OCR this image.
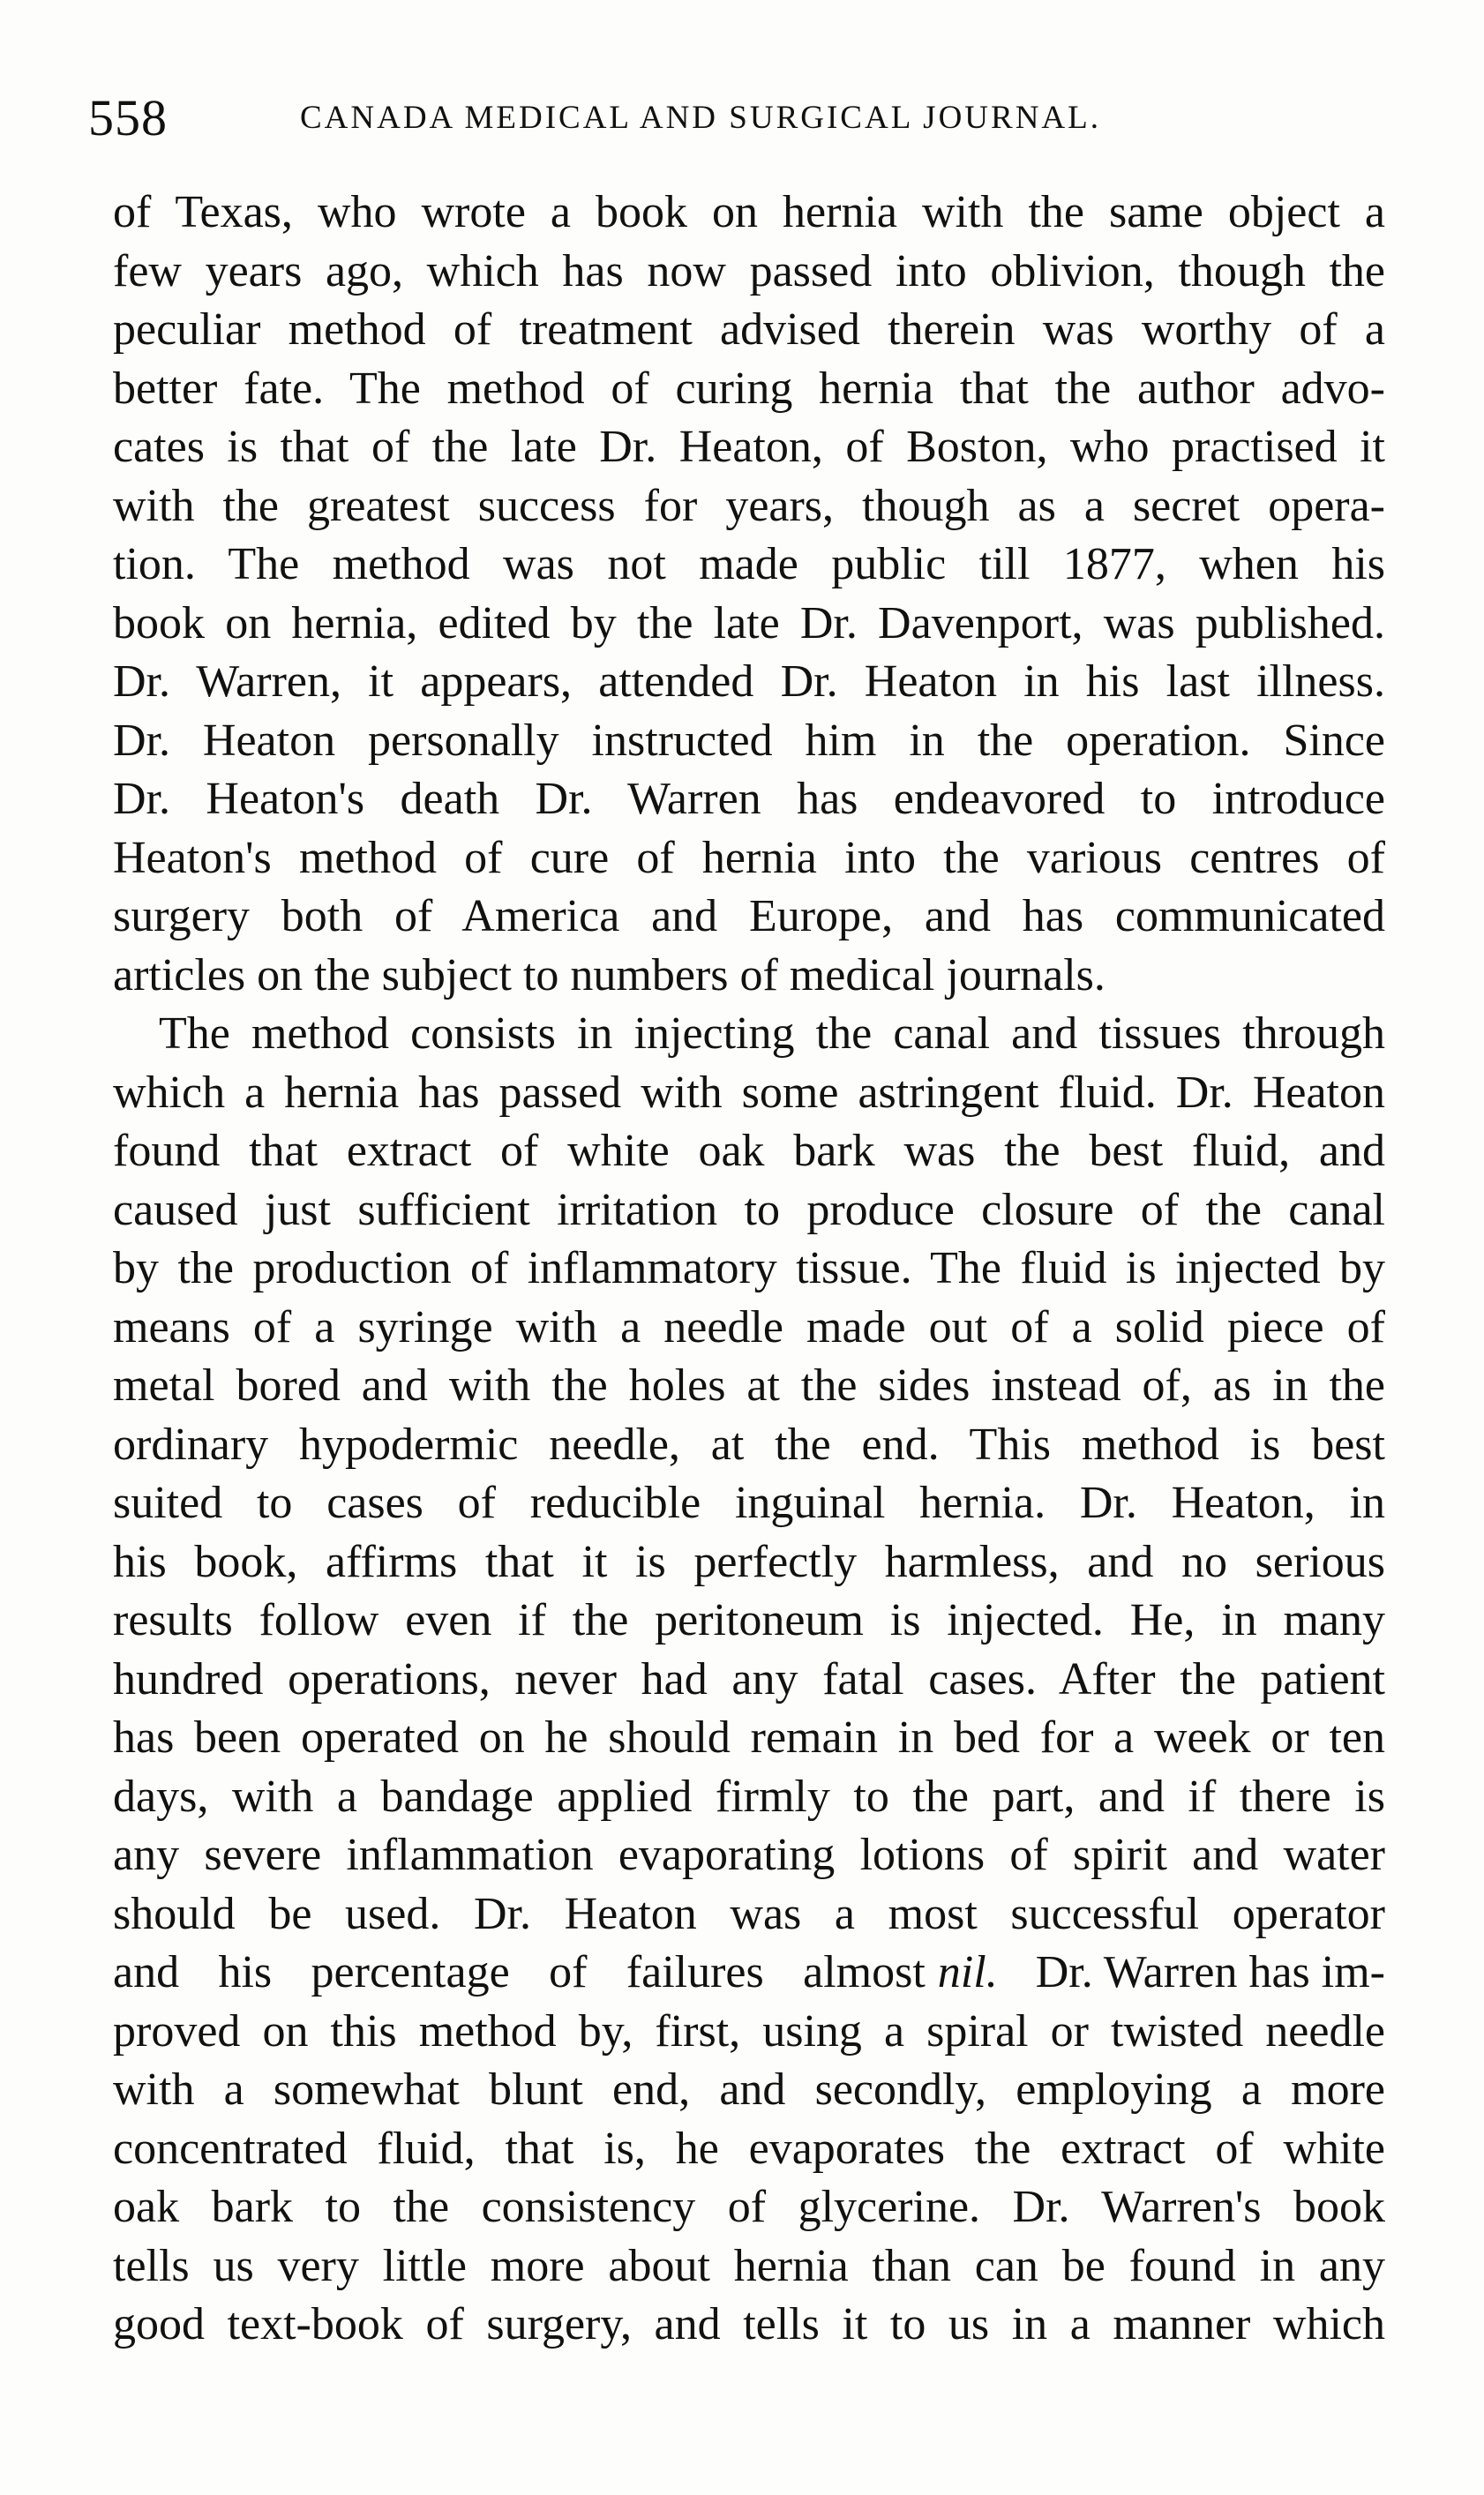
558	CANADA MEDICAL AND SURGICAL JOURNAL.
of Texas, who wrote a book on hernia with the same object a
few years ago, which has now passed into oblivion, though the
peculiar method of treatment advised therein was worthy of a
better fate. The method of curing hernia that the author advo-
cates is that of the late Dr. Heaton, of Boston, who practised it
with the greatest success for years, though as a secret opera-
tion. The method was not made public till 1877, when his
book on hernia, edited by the late Dr. Davenport, was published.
Dr. Warren, it appears, attended Dr. Heaton in his last illness.
Dr. Heaton personally instructed him in the operation. Since
Dr. Heaton's death Dr. Warren has endeavored to introduce
Heaton's method of cure of hernia into the various centres of
surgery both of America and Europe, and has communicated
articles on the subject to numbers of medical journals.
The method consists in injecting the canal and tissues through
which a hernia has passed with some astringent fluid. Dr. Heaton
found that extract of white oak bark was the best fluid, and
caused just sufficient irritation to produce closure of the canal
by the production of inflammatory tissue. The fluid is injected by
means of a syringe with a needle made out of a solid piece of
metal bored and with the holes at the sides instead of, as in the
ordinary hypodermic needle, at the end. This method is best
suited to cases of reducible inguinal hernia. Dr. Heaton, in
his book, affirms that it is perfectly harmless, and no serious
results follow even if the peritoneum is injected. He, in many
hundred operations, never had any fatal cases. After the patient
has been operated on he should remain in bed for a week or ten
days, with a bandage applied firmly to the part, and if there is
any severe inflammation evaporating lotions of spirit and water
should be used. Dr. Heaton was a most successful operator
and his percentage of failures almost nil. Dr. Warren has im-
proved on this method by, first, using a spiral or twisted needle
with a somewhat blunt end, and secondly, employing a more
concentrated fluid, that is, he evaporates the extract of white
oak bark to the consistency of glycerine. Dr. Warren's book
tells us very little more about hernia than can be found in any
good text-book of surgery, and tells it to us in a manner which
